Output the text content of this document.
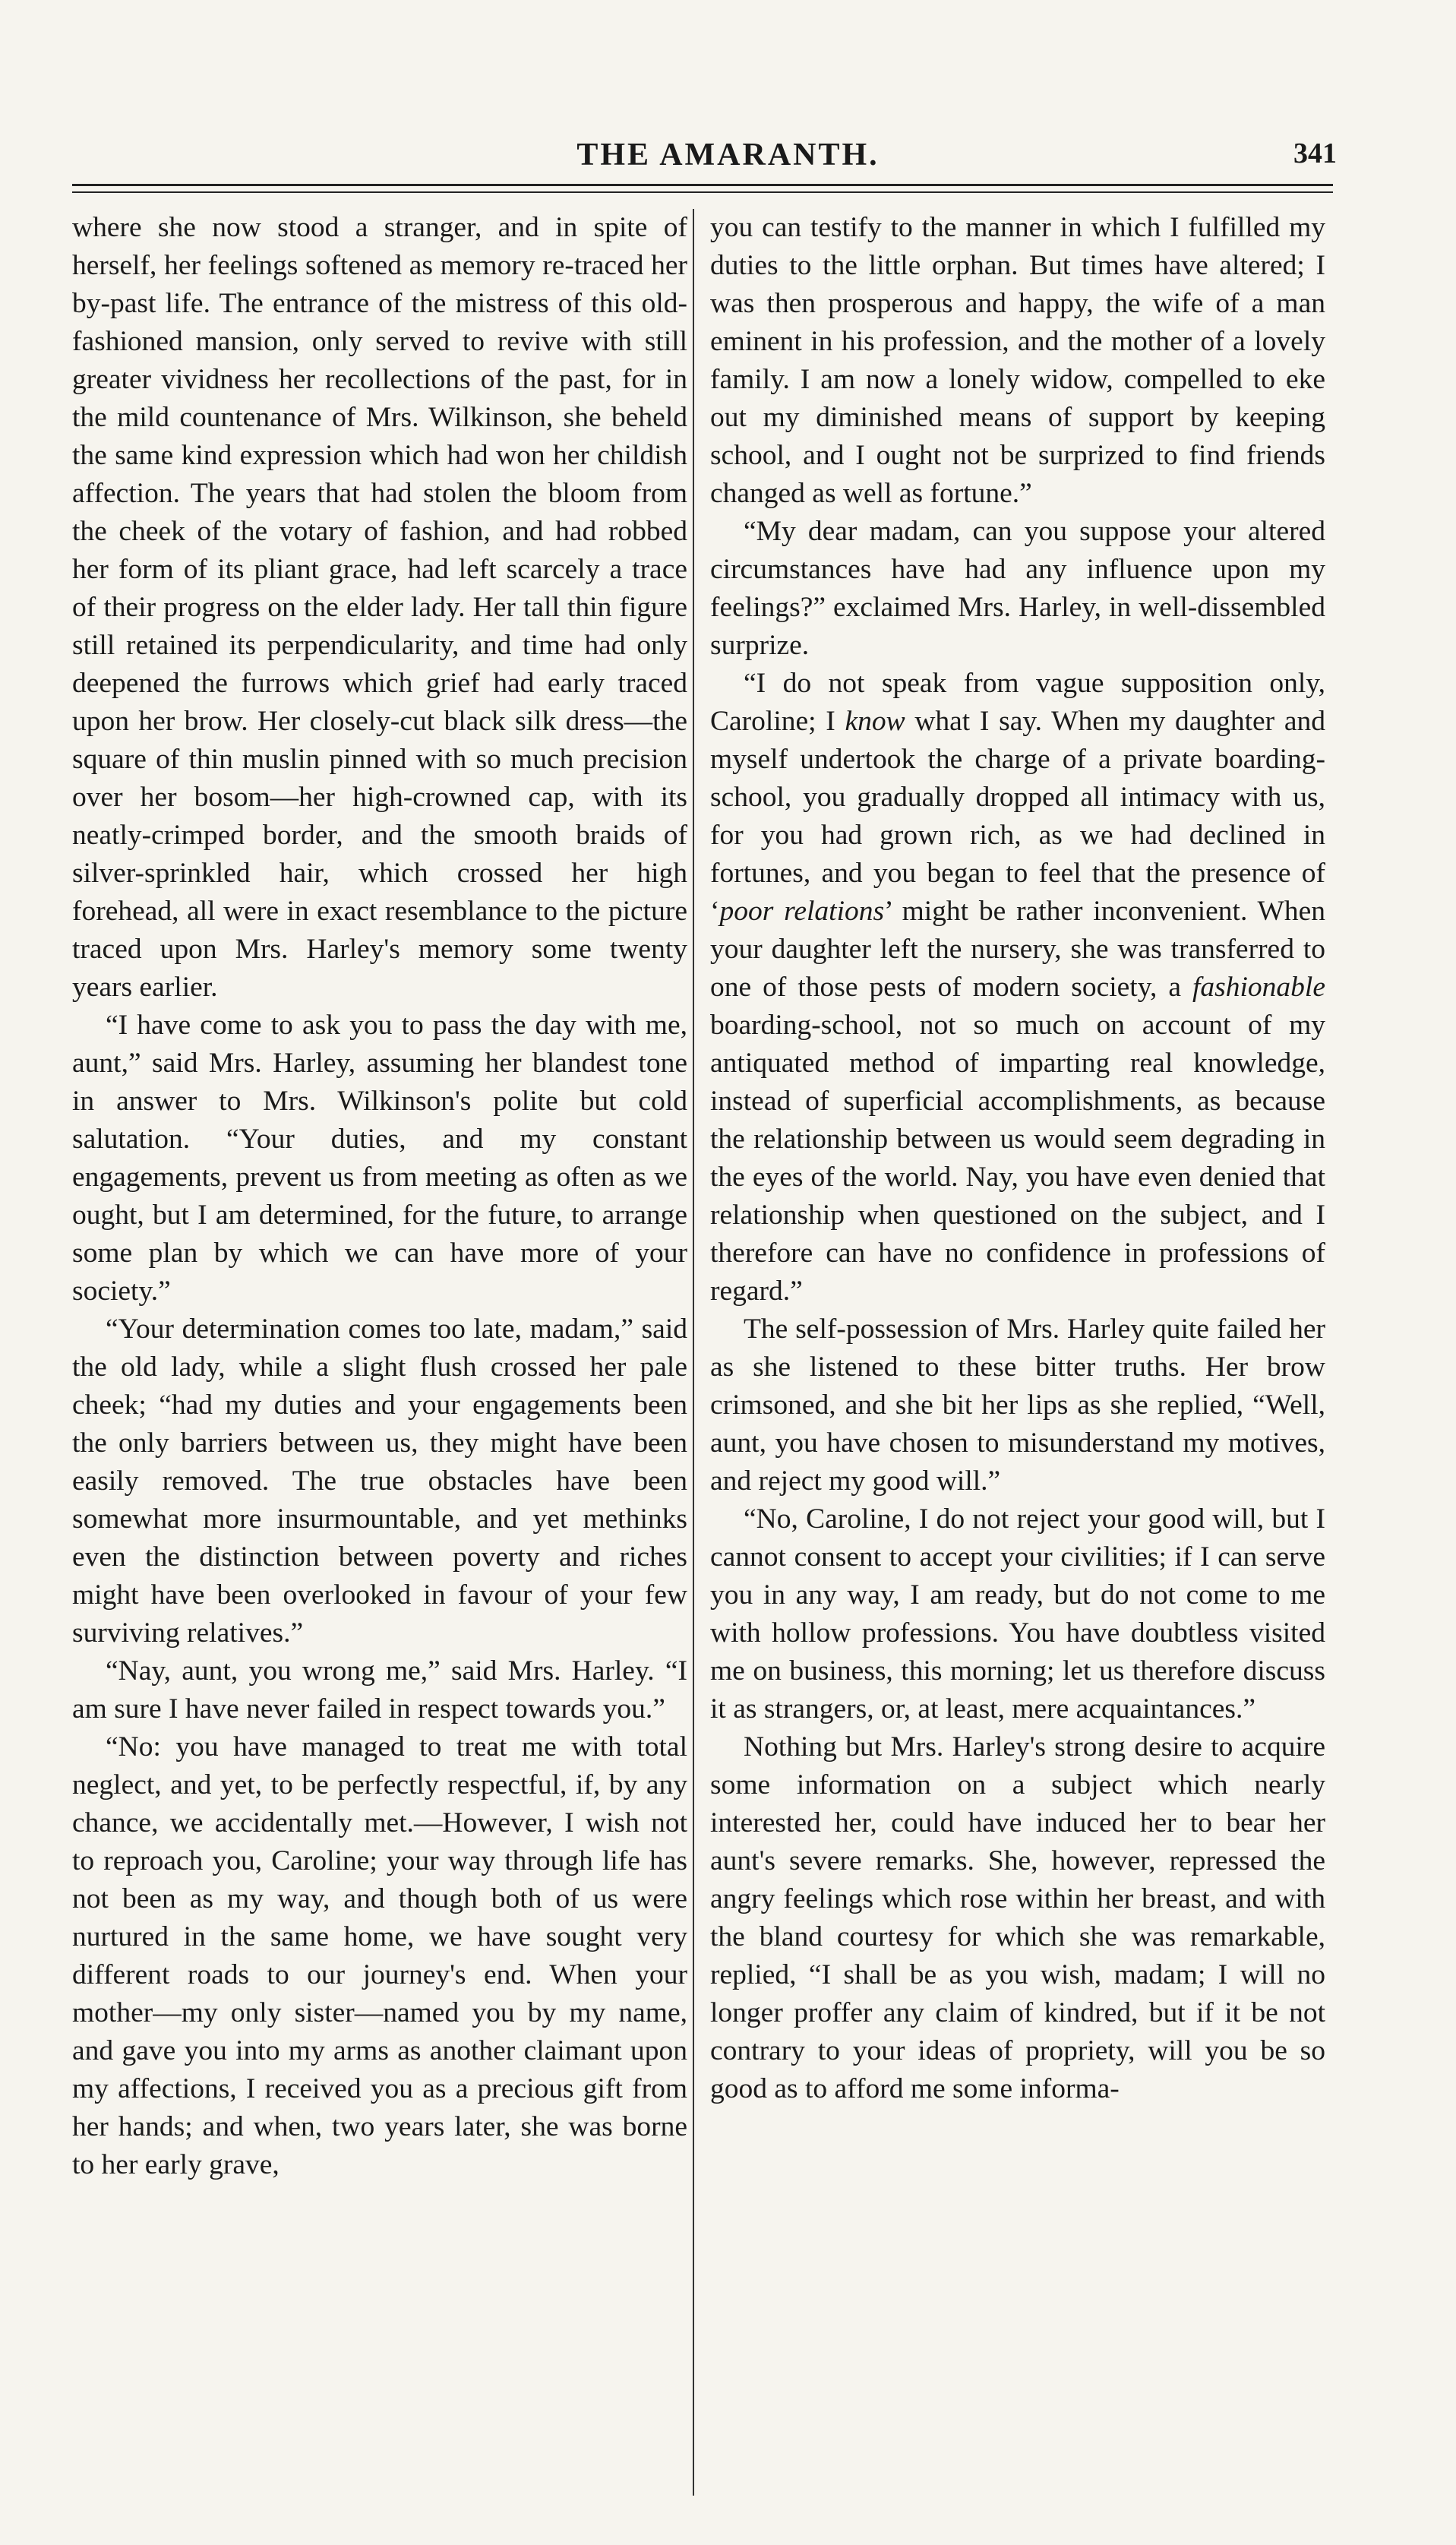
THE AMARANTH.	341

where she now stood a stranger, and in spite of herself, her feelings softened as memory re-traced her by-past life. The entrance of the mistress of this old-fashioned mansion, only served to revive with still greater vividness her recollections of the past, for in the mild countenance of Mrs. Wilkinson, she beheld the same kind expression which had won her childish affection. The years that had stolen the bloom from the cheek of the votary of fashion, and had robbed her form of its pliant grace, had left scarcely a trace of their progress on the elder lady. Her tall thin figure still retained its perpendicularity, and time had only deepened the furrows which grief had early traced upon her brow. Her closely-cut black silk dress—the square of thin muslin pinned with so much precision over her bosom—her high-crowned cap, with its neatly-crimped border, and the smooth braids of silver-sprinkled hair, which crossed her high forehead, all were in exact resemblance to the picture traced upon Mrs. Harley's memory some twenty years earlier.

“I have come to ask you to pass the day with me, aunt,” said Mrs. Harley, assuming her blandest tone in answer to Mrs. Wilkinson's polite but cold salutation. “Your duties, and my constant engagements, prevent us from meeting as often as we ought, but I am determined, for the future, to arrange some plan by which we can have more of your society.”

“Your determination comes too late, madam,” said the old lady, while a slight flush crossed her pale cheek; “had my duties and your engagements been the only barriers between us, they might have been easily removed. The true obstacles have been somewhat more insurmountable, and yet methinks even the distinction between poverty and riches might have been overlooked in favour of your few surviving relatives.”

“Nay, aunt, you wrong me,” said Mrs. Harley. “I am sure I have never failed in respect towards you.”

“No: you have managed to treat me with total neglect, and yet, to be perfectly respectful, if, by any chance, we accidentally met.—However, I wish not to reproach you, Caroline; your way through life has not been as my way, and though both of us were nurtured in the same home, we have sought very different roads to our journey's end. When your mother—my only sister—named you by my name, and gave you into my arms as another claimant upon my affections, I received you as a precious gift from her hands; and when, two years later, she was borne to her early grave,

you can testify to the manner in which I fulfilled my duties to the little orphan. But times have altered; I was then prosperous and happy, the wife of a man eminent in his profession, and the mother of a lovely family. I am now a lonely widow, compelled to eke out my diminished means of support by keeping school, and I ought not be surprized to find friends changed as well as fortune.”

“My dear madam, can you suppose your altered circumstances have had any influence upon my feelings?” exclaimed Mrs. Harley, in well-dissembled surprize.

“I do not speak from vague supposition only, Caroline; I know what I say. When my daughter and myself undertook the charge of a private boarding-school, you gradually dropped all intimacy with us, for you had grown rich, as we had declined in fortunes, and you began to feel that the presence of ‘poor relations’ might be rather inconvenient. When your daughter left the nursery, she was transferred to one of those pests of modern society, a fashionable boarding-school, not so much on account of my antiquated method of imparting real knowledge, instead of superficial accomplishments, as because the relationship between us would seem degrading in the eyes of the world. Nay, you have even denied that relationship when questioned on the subject, and I therefore can have no confidence in professions of regard.”

The self-possession of Mrs. Harley quite failed her as she listened to these bitter truths. Her brow crimsoned, and she bit her lips as she replied, “Well, aunt, you have chosen to misunderstand my motives, and reject my good will.”

“No, Caroline, I do not reject your good will, but I cannot consent to accept your civilities; if I can serve you in any way, I am ready, but do not come to me with hollow professions. You have doubtless visited me on business, this morning; let us therefore discuss it as strangers, or, at least, mere acquaintances.”

Nothing but Mrs. Harley's strong desire to acquire some information on a subject which nearly interested her, could have induced her to bear her aunt's severe remarks. She, however, repressed the angry feelings which rose within her breast, and with the bland courtesy for which she was remarkable, replied, “I shall be as you wish, madam; I will no longer proffer any claim of kindred, but if it be not contrary to your ideas of propriety, will you be so good as to afford me some informa-
